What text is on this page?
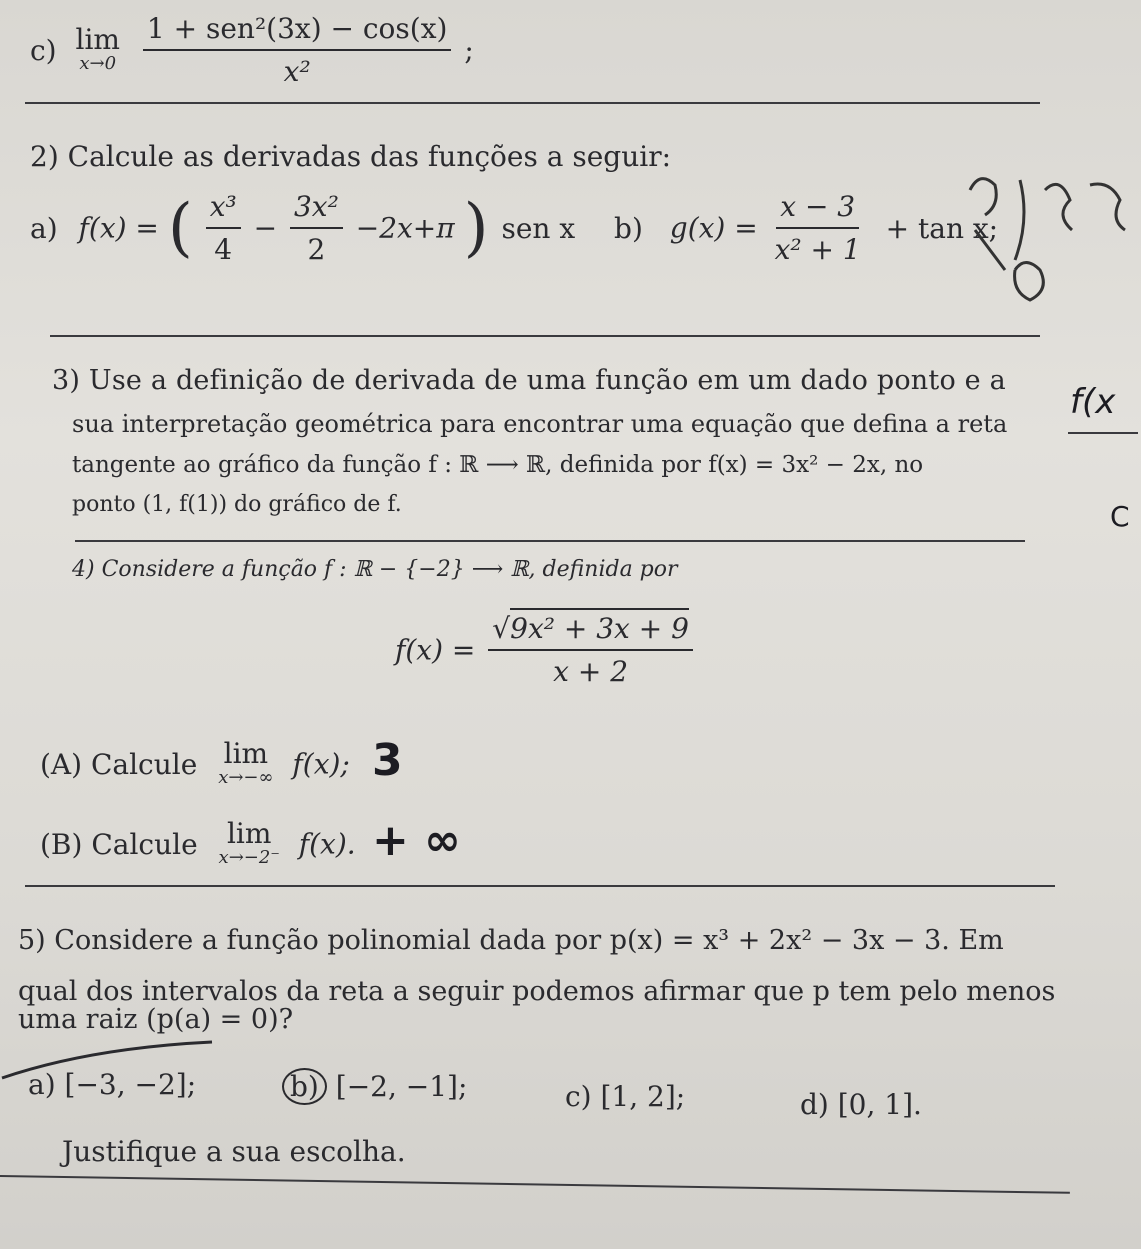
c) lim
x→0
$\frac{\text{1 + sen²(3x) − cos(x)}}{\text{x²}}$ ;
2) Calcule as derivadas das funções a seguir:
a) f(x) = ( $\frac{\text{x³}}{4} - \frac{\text{3x²}}{2} -2x+\pi$ ) sen x b) $g(x) = \frac{x - 3}{\text{x² + 1}} + \tan x$;
3) Use a definição de derivada de uma função em um dado ponto e a
sua interpretação geométrica para encontrar uma equação que defina a reta
tangente ao gráfico da função f : ℝ ⟶ ℝ, definida por f(x) = 3x² − 2x, no
ponto (1, f(1)) do gráfico de f.
4) Considere a função f : ℝ − {−2} ⟶ ℝ, definida por
$f(x) = \frac{\text{√9x² + 3x + 9}}{x + 2}$
(A) Calcule lim
x→−∞ f(x); 3
(B) Calcule lim
x→−2⁻ f(x). + ∞
5) Considere a função polinomial dada por p(x) = x³ + 2x² − 3x − 3. Em
qual dos intervalos da reta a seguir podemos afirmar que p tem pelo menos
uma raiz (p(a) = 0)?
a) [−3, −2];	b) [−2, −1];	c) [1, 2];	d) [0, 1].
Justifique a sua escolha.
f(x
C
